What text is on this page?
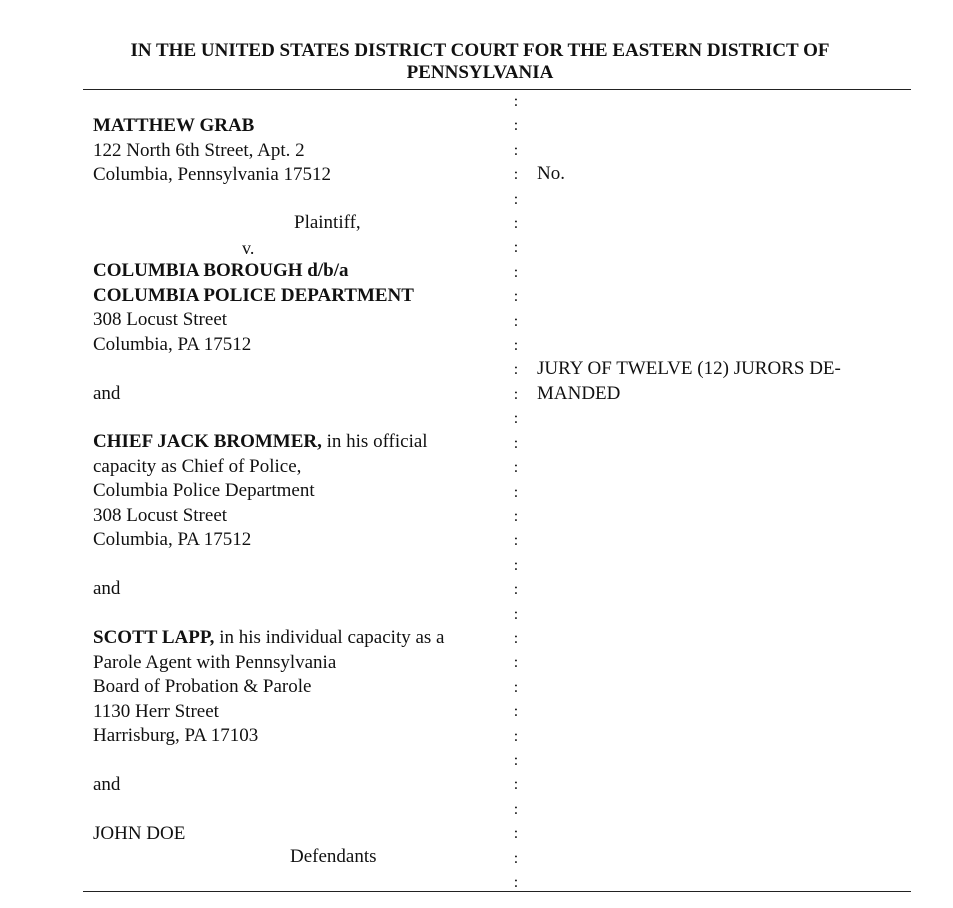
IN THE UNITED STATES DISTRICT COURT FOR THE EASTERN DISTRICT OF
PENNSYLVANIA
:
:
:
:
:
:
:
:
:
:
:
:
:
:
:
:
:
:
:
:
:
:
:
:
:
:
:
:
:
:
:
:
:
MATTHEW GRAB
122 North 6th Street, Apt. 2
Columbia, Pennsylvania 17512
Plaintiff,
v.
COLUMBIA BOROUGH d/b/a
COLUMBIA POLICE DEPARTMENT
308 Locust Street
Columbia, PA 17512
and
CHIEF JACK BROMMER, in his official
capacity as Chief of Police,
Columbia Police Department
308 Locust Street
Columbia, PA 17512
and
SCOTT LAPP, in his individual capacity as a
Parole Agent with Pennsylvania
Board of Probation & Parole
1130 Herr Street
Harrisburg, PA 17103
and
JOHN DOE
Defendants
No.
JURY OF TWELVE (12) JURORS DE-
MANDED
